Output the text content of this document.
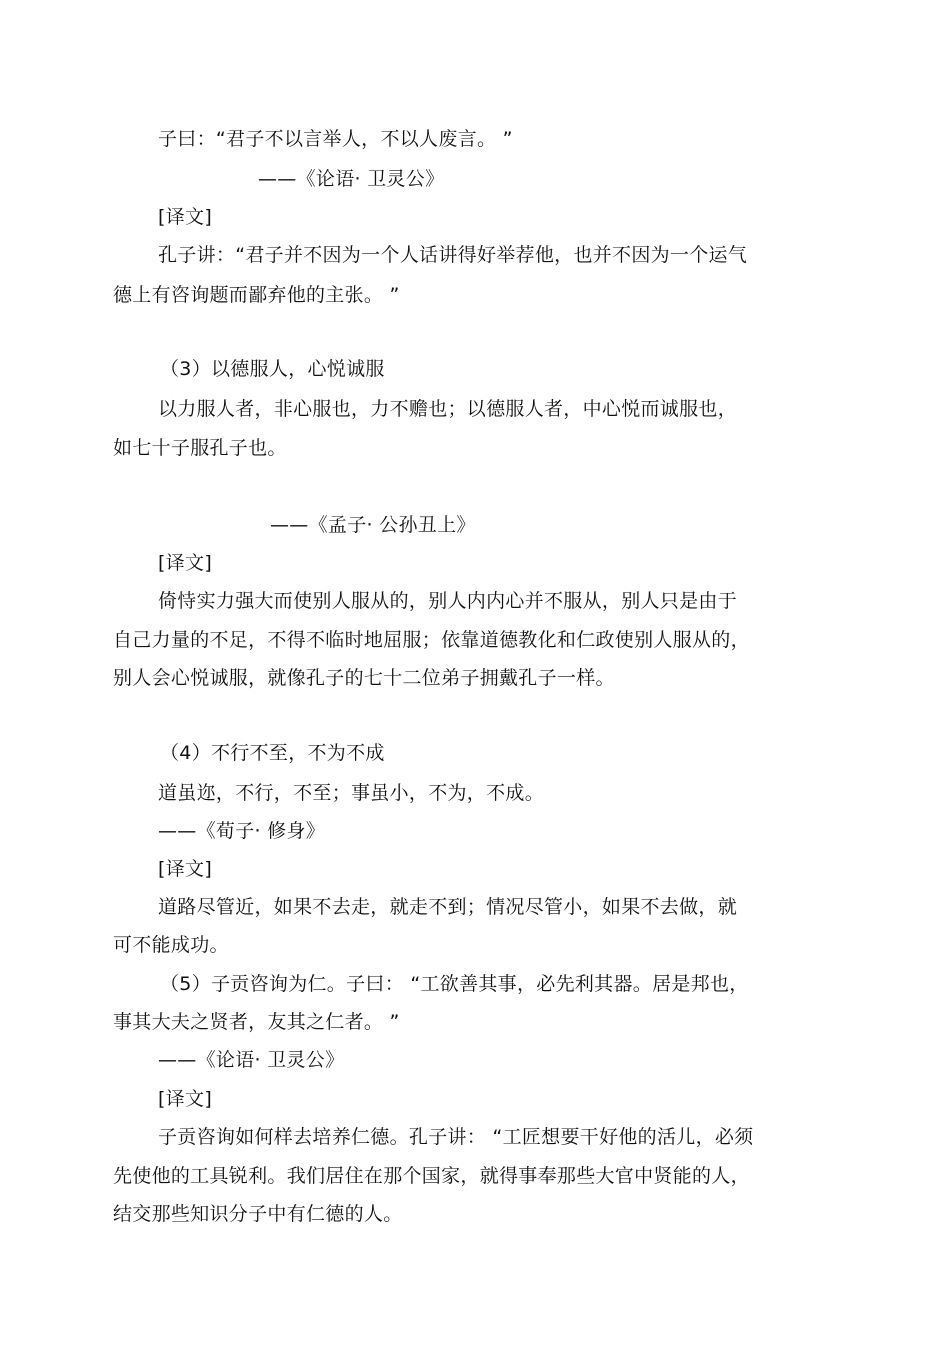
子曰：“君子不以言举人，不以人废言。 ”
——《论语· 卫灵公》
[译文]
孔子讲：“君子并不因为一个人话讲得好举荐他，也并不因为一个运气
德上有咨询题而鄙弃他的主张。 ”
（3）以德服人，心悦诚服
以力服人者，非心服也，力不赡也；以德服人者，中心悦而诚服也，
如七十子服孔子也。
——《孟子· 公孙丑上》
[译文]
倚恃实力强大而使别人服从的，别人内内心并不服从，别人只是由于
自己力量的不足，不得不临时地屈服；依靠道德教化和仁政使别人服从的，
别人会心悦诚服，就像孔子的七十二位弟子拥戴孔子一样。
（4）不行不至，不为不成
道虽迩，不行，不至；事虽小，不为，不成。
——《荀子· 修身》
[译文]
道路尽管近，如果不去走，就走不到；情况尽管小，如果不去做，就
可不能成功。
（5）子贡咨询为仁。子曰： “工欲善其事，必先利其器。居是邦也，
事其大夫之贤者，友其之仁者。 ”
——《论语· 卫灵公》
[译文]
子贡咨询如何样去培养仁德。孔子讲： “工匠想要干好他的活儿，必须
先使他的工具锐利。我们居住在那个国家，就得事奉那些大官中贤能的人，
结交那些知识分子中有仁德的人。
